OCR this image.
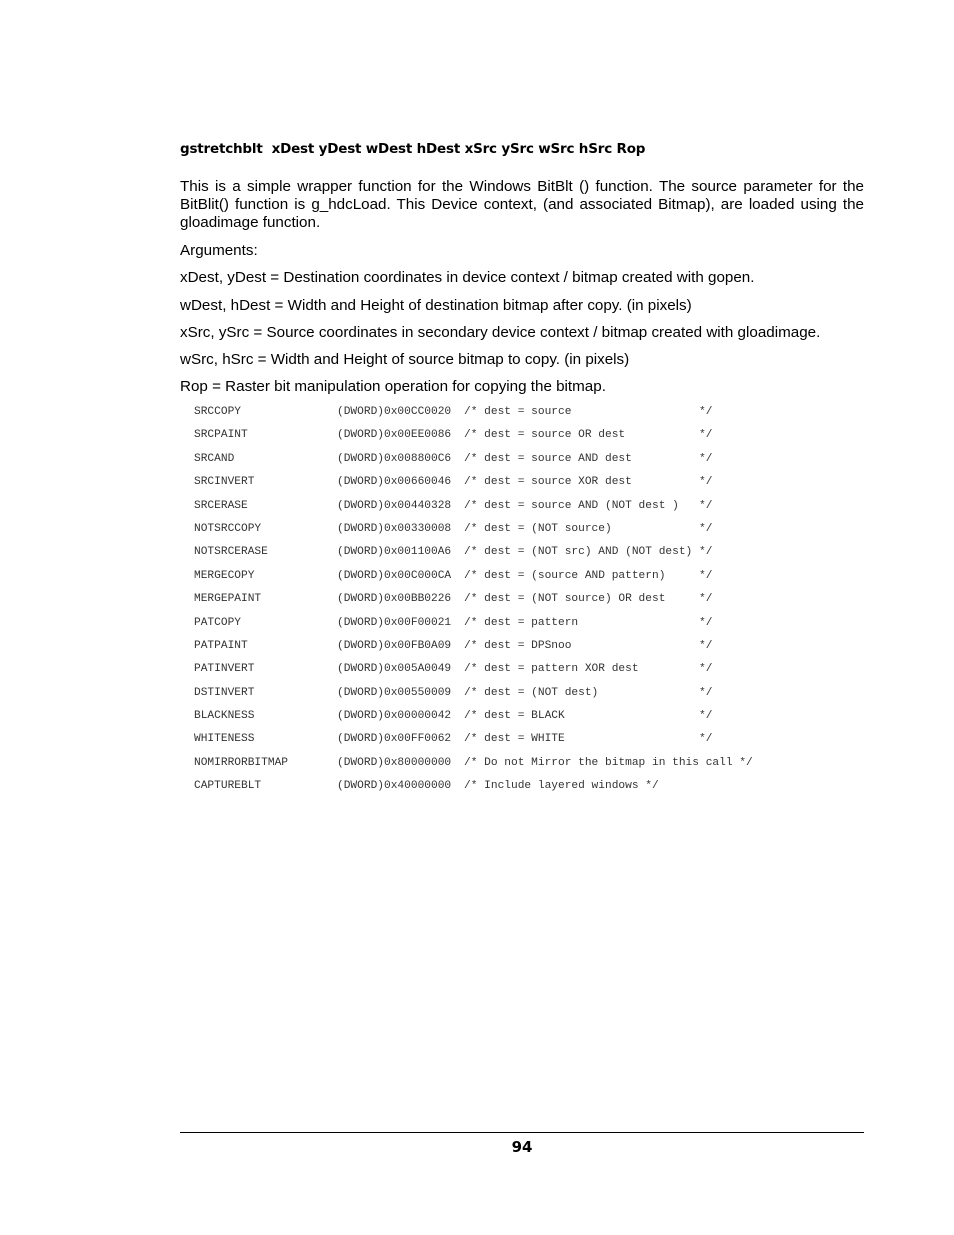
gstretchblt  xDest yDest wDest hDest xSrc ySrc wSrc hSrc Rop

This is a simple wrapper function for the Windows BitBlt () function. The source parameter for the BitBlit() function is g_hdcLoad. This Device context, (and associated Bitmap), are loaded using the gloadimage function.

Arguments:

xDest, yDest = Destination coordinates in device context / bitmap created with gopen.

wDest, hDest = Width and Height of destination bitmap after copy. (in pixels)

xSrc, ySrc = Source coordinates in secondary device context / bitmap created with gloadimage.

wSrc, hSrc = Width and Height of source bitmap to copy. (in pixels)

Rop = Raster bit manipulation operation for copying the bitmap.

SRCCOPY	(DWORD)0x00CC0020 /* dest = source                   */
SRCPAINT	(DWORD)0x00EE0086 /* dest = source OR dest           */
SRCAND	(DWORD)0x008800C6 /* dest = source AND dest          */
SRCINVERT	(DWORD)0x00660046 /* dest = source XOR dest          */
SRCERASE	(DWORD)0x00440328 /* dest = source AND (NOT dest )   */
NOTSRCCOPY	(DWORD)0x00330008 /* dest = (NOT source)             */
NOTSRCERASE	(DWORD)0x001100A6 /* dest = (NOT src) AND (NOT dest) */
MERGECOPY	(DWORD)0x00C000CA /* dest = (source AND pattern)     */
MERGEPAINT	(DWORD)0x00BB0226 /* dest = (NOT source) OR dest     */
PATCOPY	(DWORD)0x00F00021 /* dest = pattern                  */
PATPAINT	(DWORD)0x00FB0A09 /* dest = DPSnoo                   */
PATINVERT	(DWORD)0x005A0049 /* dest = pattern XOR dest         */
DSTINVERT	(DWORD)0x00550009 /* dest = (NOT dest)               */
BLACKNESS	(DWORD)0x00000042 /* dest = BLACK                    */
WHITENESS	(DWORD)0x00FF0062 /* dest = WHITE                    */
NOMIRRORBITMAP	(DWORD)0x80000000 /* Do not Mirror the bitmap in this call */
CAPTUREBLT	(DWORD)0x40000000 /* Include layered windows */
94
